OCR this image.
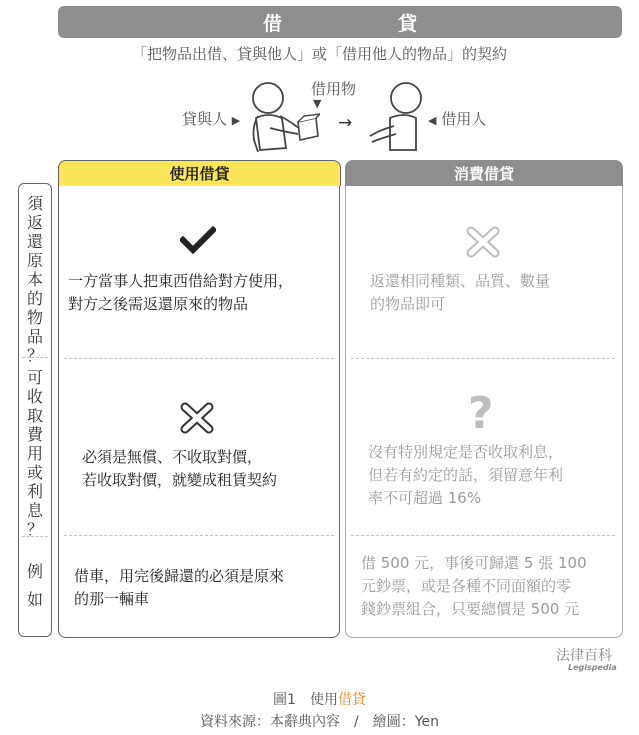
借　　貸
「把物品出借、貸與他人」或「借用他人的物品」的契約
貸與人 ▶
借用物
▼
◀ 借用人
→
須
返
還
原
本
的
物
品
？
可
收
取
費
用
或
利
息
？
例
如
使用借貸	消費借貸
一方當事人把東西借給對方使用，
對方之後需返還原來的物品
返還相同種類、品質、數量
的物品即可
?
必須是無償、不收取對價，
若收取對價，就變成租賃契約
沒有特別規定是否收取利息，
但若有約定的話，須留意年利
率不可超過 16%
借車，用完後歸還的必須是原來
的那一輛車
借 500 元，事後可歸還 5 張 100
元鈔票，或是各種不同面額的零
錢鈔票組合，只要總價是 500 元
法律百科
Legispedia
圖1　使用借貸
資料來源：本辭典內容　/　繪圖：Yen
